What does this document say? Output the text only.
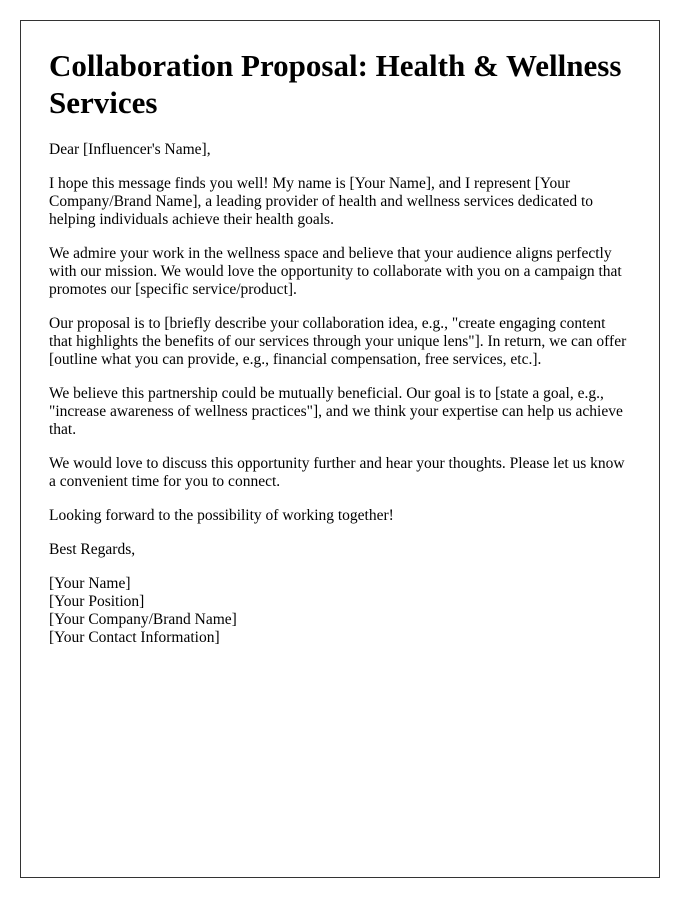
Collaboration Proposal: Health & Wellness Services

Dear [Influencer's Name],

I hope this message finds you well! My name is [Your Name], and I represent [Your Company/Brand Name], a leading provider of health and wellness services dedicated to helping individuals achieve their health goals.

We admire your work in the wellness space and believe that your audience aligns perfectly with our mission. We would love the opportunity to collaborate with you on a campaign that promotes our [specific service/product].

Our proposal is to [briefly describe your collaboration idea, e.g., "create engaging content that highlights the benefits of our services through your unique lens"]. In return, we can offer [outline what you can provide, e.g., financial compensation, free services, etc.].

We believe this partnership could be mutually beneficial. Our goal is to [state a goal, e.g., "increase awareness of wellness practices"], and we think your expertise can help us achieve that.

We would love to discuss this opportunity further and hear your thoughts. Please let us know a convenient time for you to connect.

Looking forward to the possibility of working together!

Best Regards,

[Your Name]

[Your Position]

[Your Company/Brand Name]

[Your Contact Information]
